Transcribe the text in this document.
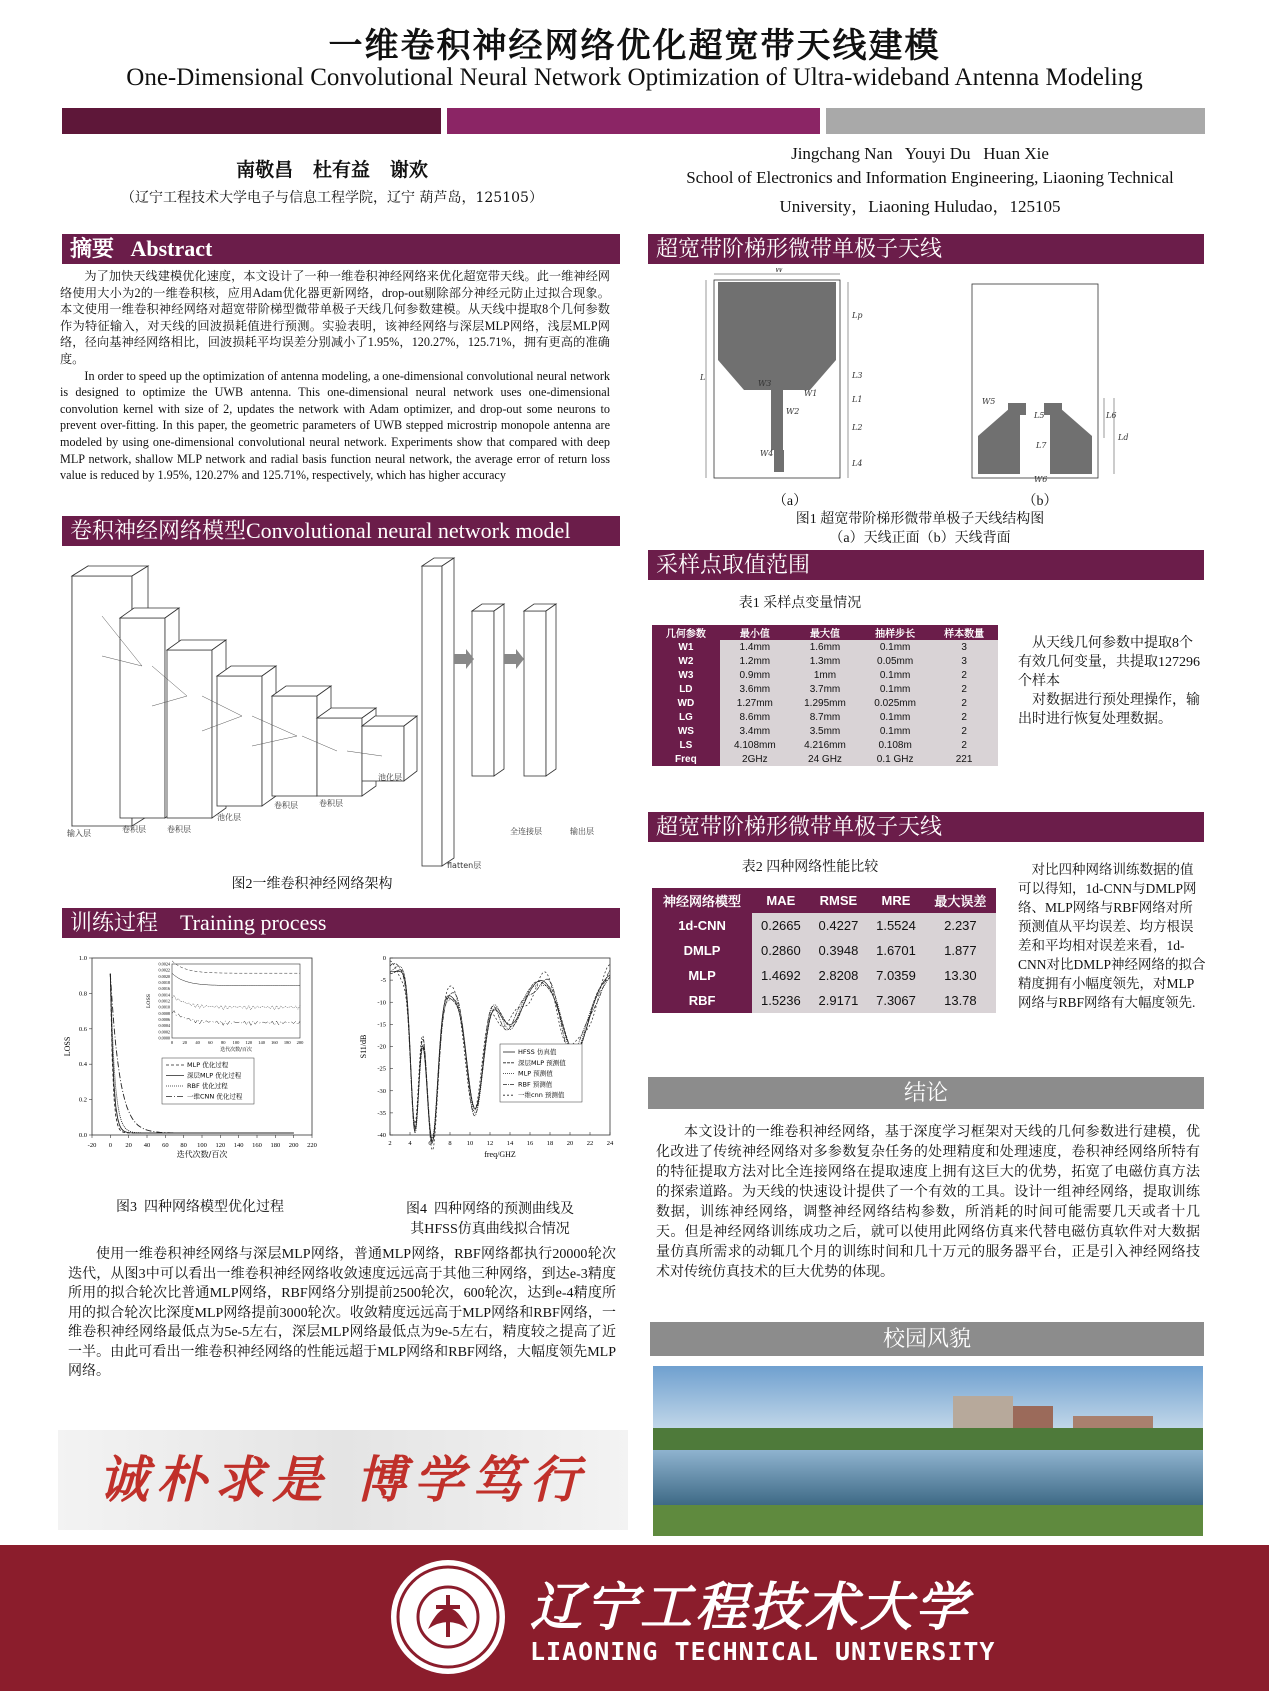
一维卷积神经网络优化超宽带天线建模
One-Dimensional Convolutional Neural Network Optimization of Ultra-wideband Antenna Modeling
南敬昌   杜有益   谢欢
（辽宁工程技术大学电子与信息工程学院，辽宁 葫芦岛，125105）
Jingchang Nan   Youyi Du   Huan Xie
School of Electronics and Information Engineering, Liaoning Technical
University，Liaoning Huludao，125105
摘要   Abstract

为了加快天线建模优化速度，本文设计了一种一维卷积神经网络来优化超宽带天线。此一维神经网络使用大小为2的一维卷积核，应用Adam优化器更新网络，drop-out剔除部分神经元防止过拟合现象。本文使用一维卷积神经网络对超宽带阶梯型微带单极子天线几何参数建模。从天线中提取8个几何参数作为特征输入，对天线的回波损耗值进行预测。实验表明，该神经网络与深层MLP网络，浅层MLP网络，径向基神经网络相比，回波损耗平均误差分别减小了1.95%，120.27%，125.71%，拥有更高的准确度。

In order to speed up the optimization of antenna modeling, a one-dimensional convolutional neural network is designed to optimize the UWB antenna. This one-dimensional neural network uses one-dimensional convolution kernel with size of 2, updates the network with Adam optimizer, and drop-out some neurons to prevent over-fitting. In this paper, the geometric parameters of UWB stepped microstrip monopole antenna are modeled by using one-dimensional convolutional neural network. Experiments show that compared with deep MLP network, shallow MLP network and radial basis function neural network, the average error of return loss value is reduced by 1.95%, 120.27% and 125.71%, respectively, which has higher accuracy

卷积神经网络模型Convolutional neural network model
输入层	卷积层	卷积层
池化层
卷积层	卷积层
池化层
flatten层
全连接层	输出层
图2一维卷积神经网络架构
训练过程    Training process
-20 0 20 40 60 80 100 120 140 160 180 200 220
0.0
0.2
0.4
0.6
0.8
1.0
LOSS
迭代次数/百次
0.0000
0.0002
0.0004
0.0006
0.0008
0.0010
0.0012
0.0014
0.0016
0.0018
0.0020
0.0022
0.0024
0 20 40 60 80 100 120 140 160 180 200
迭代次数/百次
LOSS
MLP 优化过程
深层MLP 优化过程
RBF 优化过程
一维CNN 优化过程
2	4	6	8 10 12 14 16 18 20 22 24
0
-5
-10
-15
-20
-25
-30
-35
-40
S11/dB
freq/GHZ
HFSS 仿真值
深层MLP 预测值
MLP 预测值
RBF 预测值
一维cnn 预测值
图3  四种网络模型优化过程	图4  四种网络的预测曲线及
其HFSS仿真曲线拟合情况

使用一维卷积神经网络与深层MLP网络，普通MLP网络，RBF网络都执行20000轮次迭代，从图3中可以看出一维卷积神经网络收敛速度远远高于其他三种网络，到达e-3精度所用的拟合轮次比普通MLP网络，RBF网络分别提前2500轮次，600轮次，达到e-4精度所用的拟合轮次比深度MLP网络提前3000轮次。收敛精度远远高于MLP网络和RBF网络，一维卷积神经网络最低点为5e-5左右，深层MLP网络最低点为9e-5左右，精度较之提高了近一半。由此可看出一维卷积神经网络的性能远超于MLP网络和RBF网络，大幅度领先MLP网络。

诚朴求是 博学笃行
超宽带阶梯形微带单极子天线
W
Lp
L3
L1
L2
L4
W3
W1
W2
W4
L
W5
L5	L6
Ld
L7
W6
（a）	（b）
图1 超宽带阶梯形微带单极子天线结构图
（a）天线正面（b）天线背面
采样点取值范围
表1 采样点变量情况
几何参数	最小值	最大值	抽样步长	样本数量
W1	1.4mm	1.6mm	0.1mm	3
W2	1.2mm	1.3mm	0.05mm	3
W3	0.9mm	1mm	0.1mm	2
LD	3.6mm	3.7mm	0.1mm	2
WD	1.27mm	1.295mm	0.025mm	2
LG	8.6mm	8.7mm	0.1mm	2
WS	3.4mm	3.5mm	0.1mm	2
LS	4.108mm	4.216mm	0.108m	2
Freq	2GHz	24 GHz	0.1 GHz	221

从天线几何参数中提取8个有效几何变量，共提取127296个样本

对数据进行预处理操作，输出时进行恢复处理数据。

超宽带阶梯形微带单极子天线
表2 四种网络性能比较
神经网络模型	MAE	RMSE	MRE	最大误差
1d-CNN	0.2665	0.4227	1.5524	2.237
DMLP	0.2860	0.3948	1.6701	1.877
MLP	1.4692	2.8208	7.0359	13.30
RBF	1.5236	2.9171	7.3067	13.78

对比四种网络训练数据的值可以得知，1d-CNN与DMLP网络、MLP网络与RBF网络对所预测值从平均误差、均方根误差和平均相对误差来看，1d-CNN对比DMLP神经网络的拟合精度拥有小幅度领先，对MLP网络与RBF网络有大幅度领先.

结论

本文设计的一维卷积神经网络，基于深度学习框架对天线的几何参数进行建模，优化改进了传统神经网络对多参数复杂任务的处理精度和处理速度，卷积神经网络所特有的特征提取方法对比全连接网络在提取速度上拥有这巨大的优势，拓宽了电磁仿真方法的探索道路。为天线的快速设计提供了一个有效的工具。设计一组神经网络，提取训练数据，训练神经网络，调整神经网络结构参数，所消耗的时间可能需要几天或者十几天。但是神经网络训练成功之后，就可以使用此网络仿真来代替电磁仿真软件对大数据量仿真所需求的动辄几个月的训练时间和几十万元的服务器平台，正是引入神经网络技术对传统仿真技术的巨大优势的体现。

校园风貌
辽宁工程技术大学
LIAONING TECHNICAL UNIVERSITY
